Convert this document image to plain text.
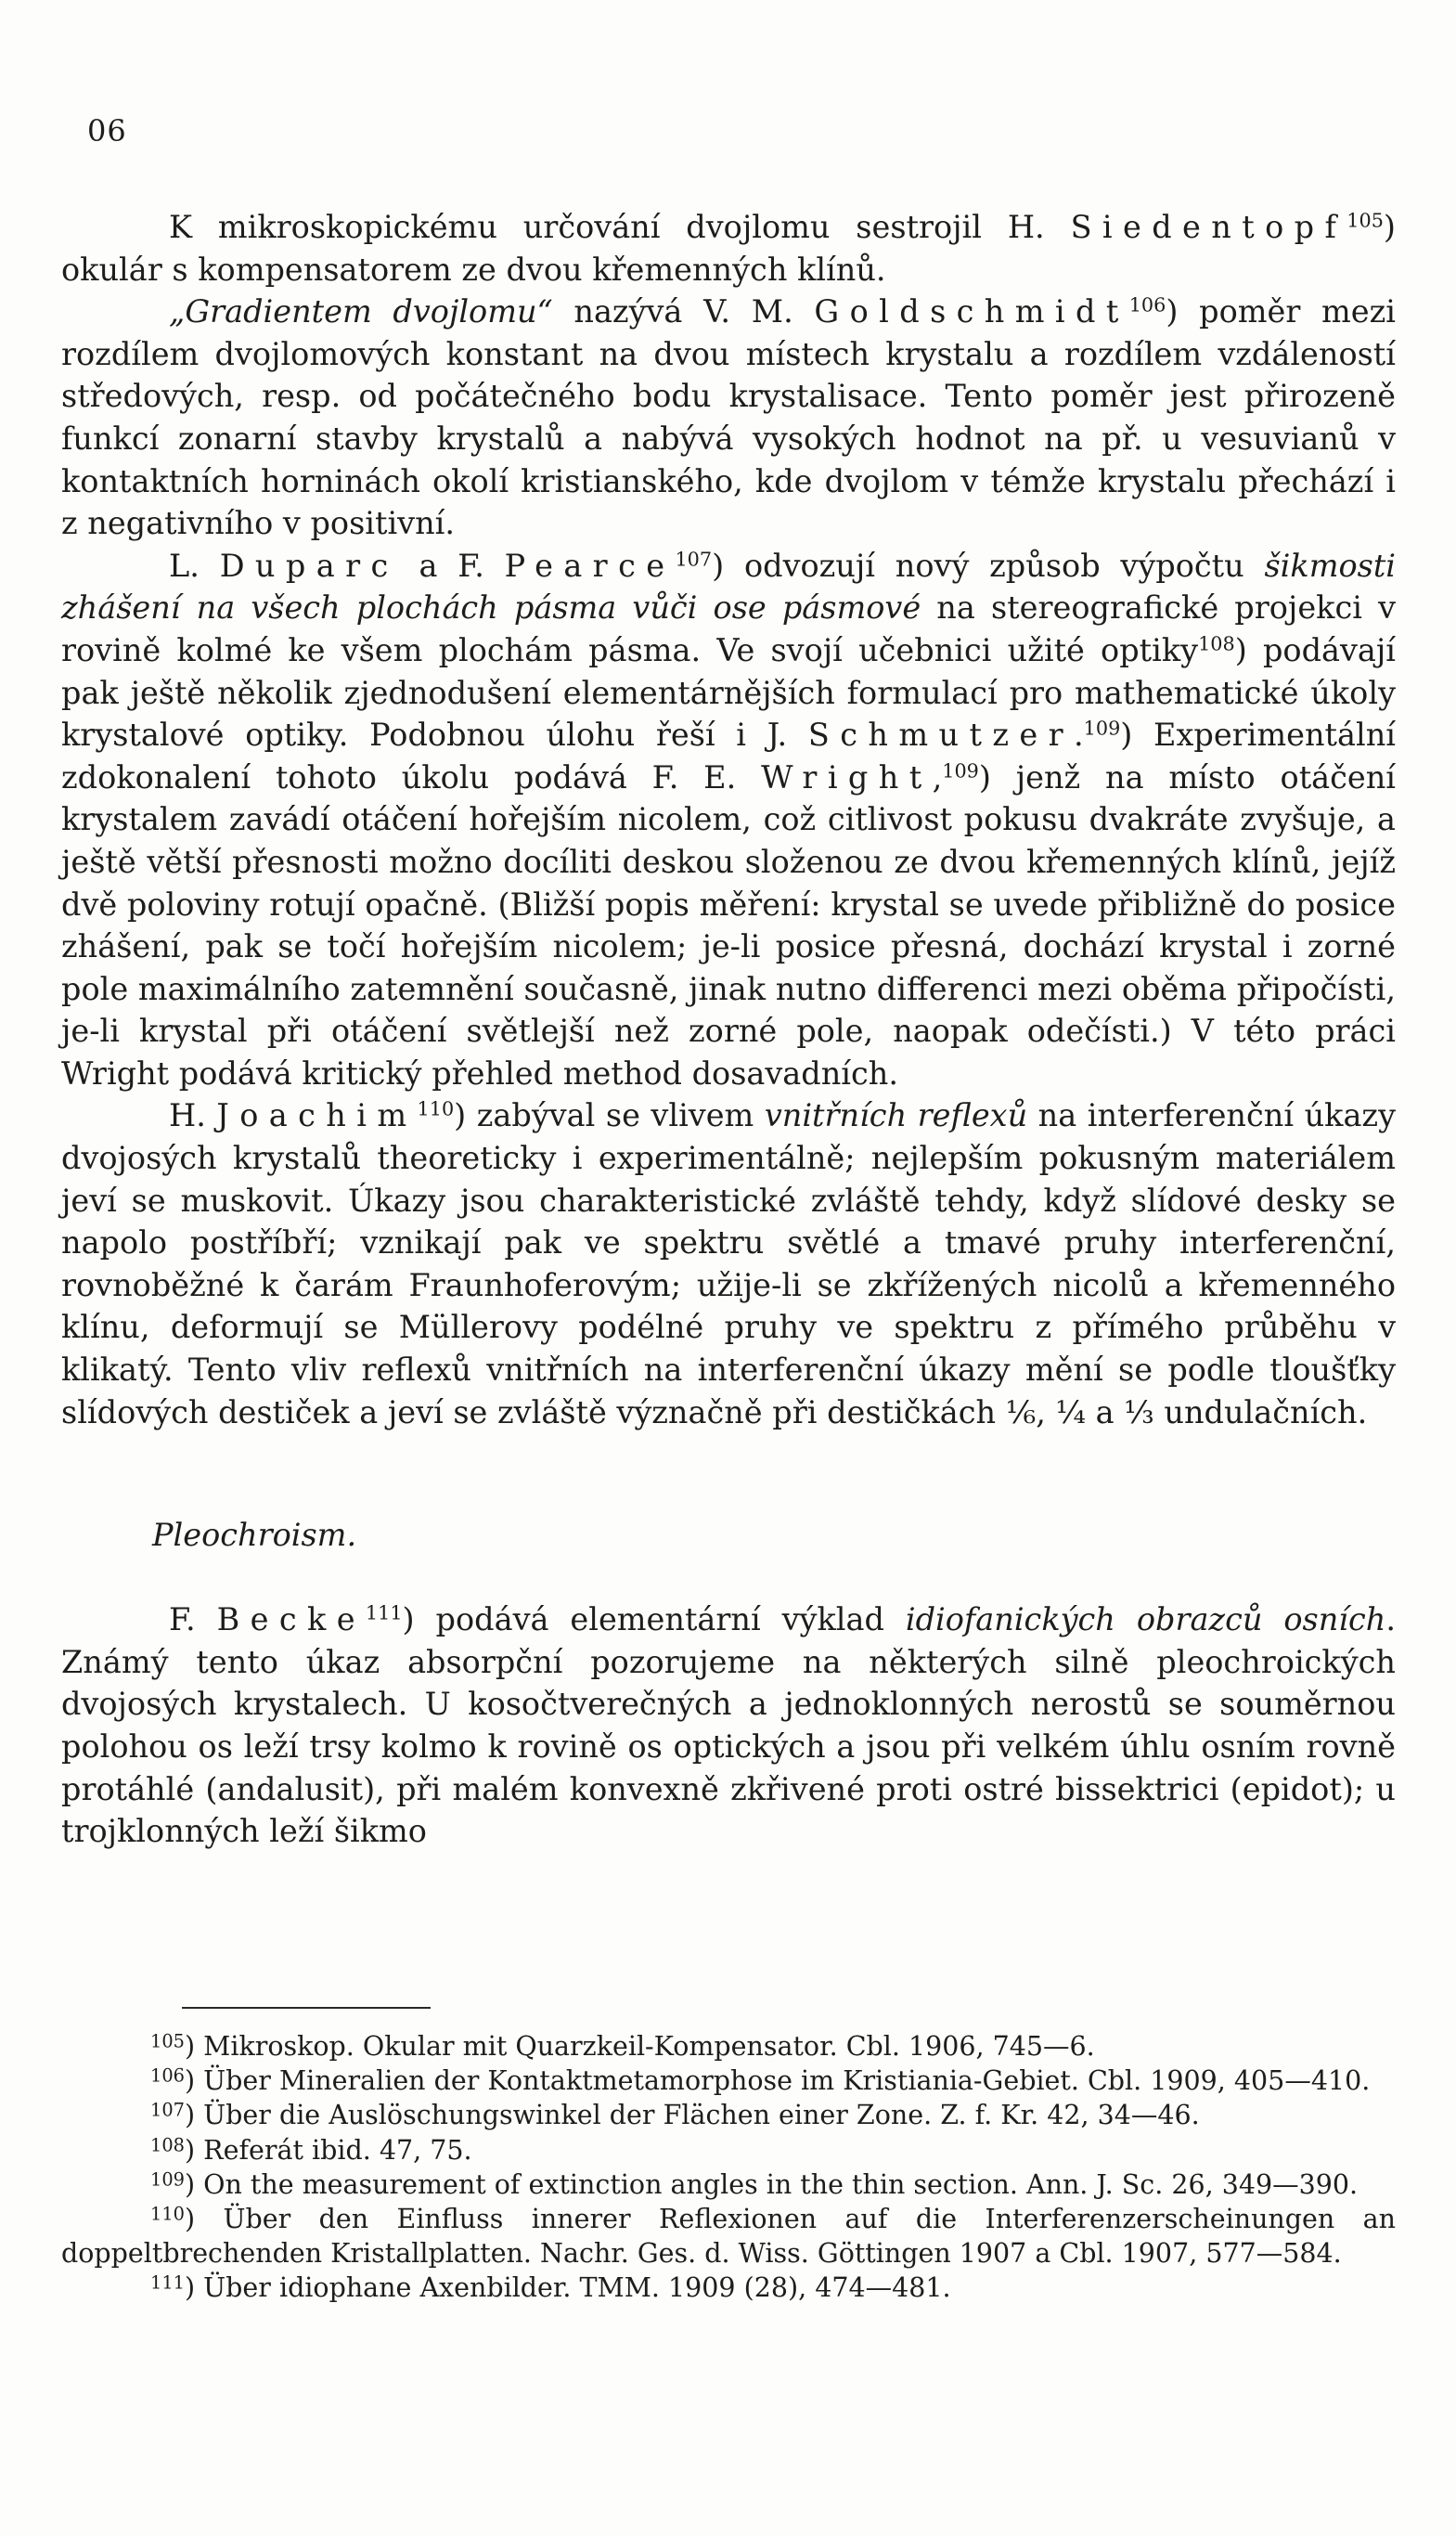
06

K mikroskopickému určování dvojlomu sestrojil H. Siedentopf$^{105}$) okulár s kompensatorem ze dvou křemenných klínů.

„Gradientem dvojlomu“ nazývá V. M. Goldschmidt$^{106}$) poměr mezi rozdílem dvojlomových konstant na dvou místech krystalu a rozdílem vzdáleností středových, resp. od počátečného bodu krystalisace. Tento poměr jest přirozeně funkcí zonarní stavby krystalů a nabývá vysokých hodnot na př. u vesuvianů v kontaktních horninách okolí kristianského, kde dvojlom v témže krystalu přechází i z negativního v positivní.

L. Duparc a F. Pearce$^{107}$) odvozují nový způsob výpočtu šikmosti zhášení na všech plochách pásma vůči ose pásmové na stereografické projekci v rovině kolmé ke všem plochám pásma. Ve svojí učebnici užité optiky$^{108}$) podávají pak ještě několik zjednodušení elementárnějších formulací pro mathematické úkoly krystalové optiky. Podobnou úlohu řeší i J. Schmutzer.$^{109}$) Experimentální zdokonalení tohoto úkolu podává F. E. Wright,$^{109}$) jenž na místo otáčení krystalem zavádí otáčení hořejším nicolem, což citlivost pokusu dvakráte zvyšuje, a ještě větší přesnosti možno docíliti deskou složenou ze dvou křemenných klínů, jejíž dvě poloviny rotují opačně. (Bližší popis měření: krystal se uvede přibližně do posice zhášení, pak se točí hořejším nicolem; je-li posice přesná, dochází krystal i zorné pole maximálního zatemnění současně, jinak nutno differenci mezi oběma připočísti, je-li krystal při otáčení světlejší než zorné pole, naopak odečísti.) V této práci Wright podává kritický přehled method dosavadních.

H. Joachim$^{110}$) zabýval se vlivem vnitřních reflexů na interferenční úkazy dvojosých krystalů theoreticky i experimentálně; nejlepším pokusným materiálem jeví se muskovit. Úkazy jsou charakteristické zvláště tehdy, když slídové desky se napolo postříbří; vznikají pak ve spektru světlé a tmavé pruhy interferenční, rovnoběžné k čarám Fraunhoferovým; užije-li se zkřížených nicolů a křemenného klínu, deformují se Müllerovy podélné pruhy ve spektru z přímého průběhu v klikatý. Tento vliv reflexů vnitřních na interferenční úkazy mění se podle tloušťky slídových destiček a jeví se zvláště význačně při destičkách ⅙, ¼ a ⅓ undulačních.

Pleochroism.

F. Becke$^{111}$) podává elementární výklad idiofanických obrazců osních. Známý tento úkaz absorpční pozorujeme na některých silně pleochroických dvojosých krystalech. U kosočtverečných a jednoklonných nerostů se souměrnou polohou os leží trsy kolmo k rovině os optických a jsou při velkém úhlu osním rovně protáhlé (andalusit), při malém konvexně zkřivené proti ostré bissektrici (epidot); u trojklonných leží šikmo

$^{105}$) Mikroskop. Okular mit Quarzkeil-Kompensator. Cbl. 1906, 745—6.

$^{106}$) Über Mineralien der Kontaktmetamorphose im Kristiania-Gebiet. Cbl. 1909, 405—410.

$^{107}$) Über die Auslöschungswinkel der Flächen einer Zone. Z. f. Kr. 42, 34—46.

$^{108}$) Referát ibid. 47, 75.

$^{109}$) On the measurement of extinction angles in the thin section. Ann. J. Sc. 26, 349—390.

$^{110}$) Über den Einfluss innerer Reflexionen auf die Interferenzerscheinungen an doppeltbrechenden Kristallplatten. Nachr. Ges. d. Wiss. Göttingen 1907 a Cbl. 1907, 577—584.

$^{111}$) Über idiophane Axenbilder. TMM. 1909 (28), 474—481.
